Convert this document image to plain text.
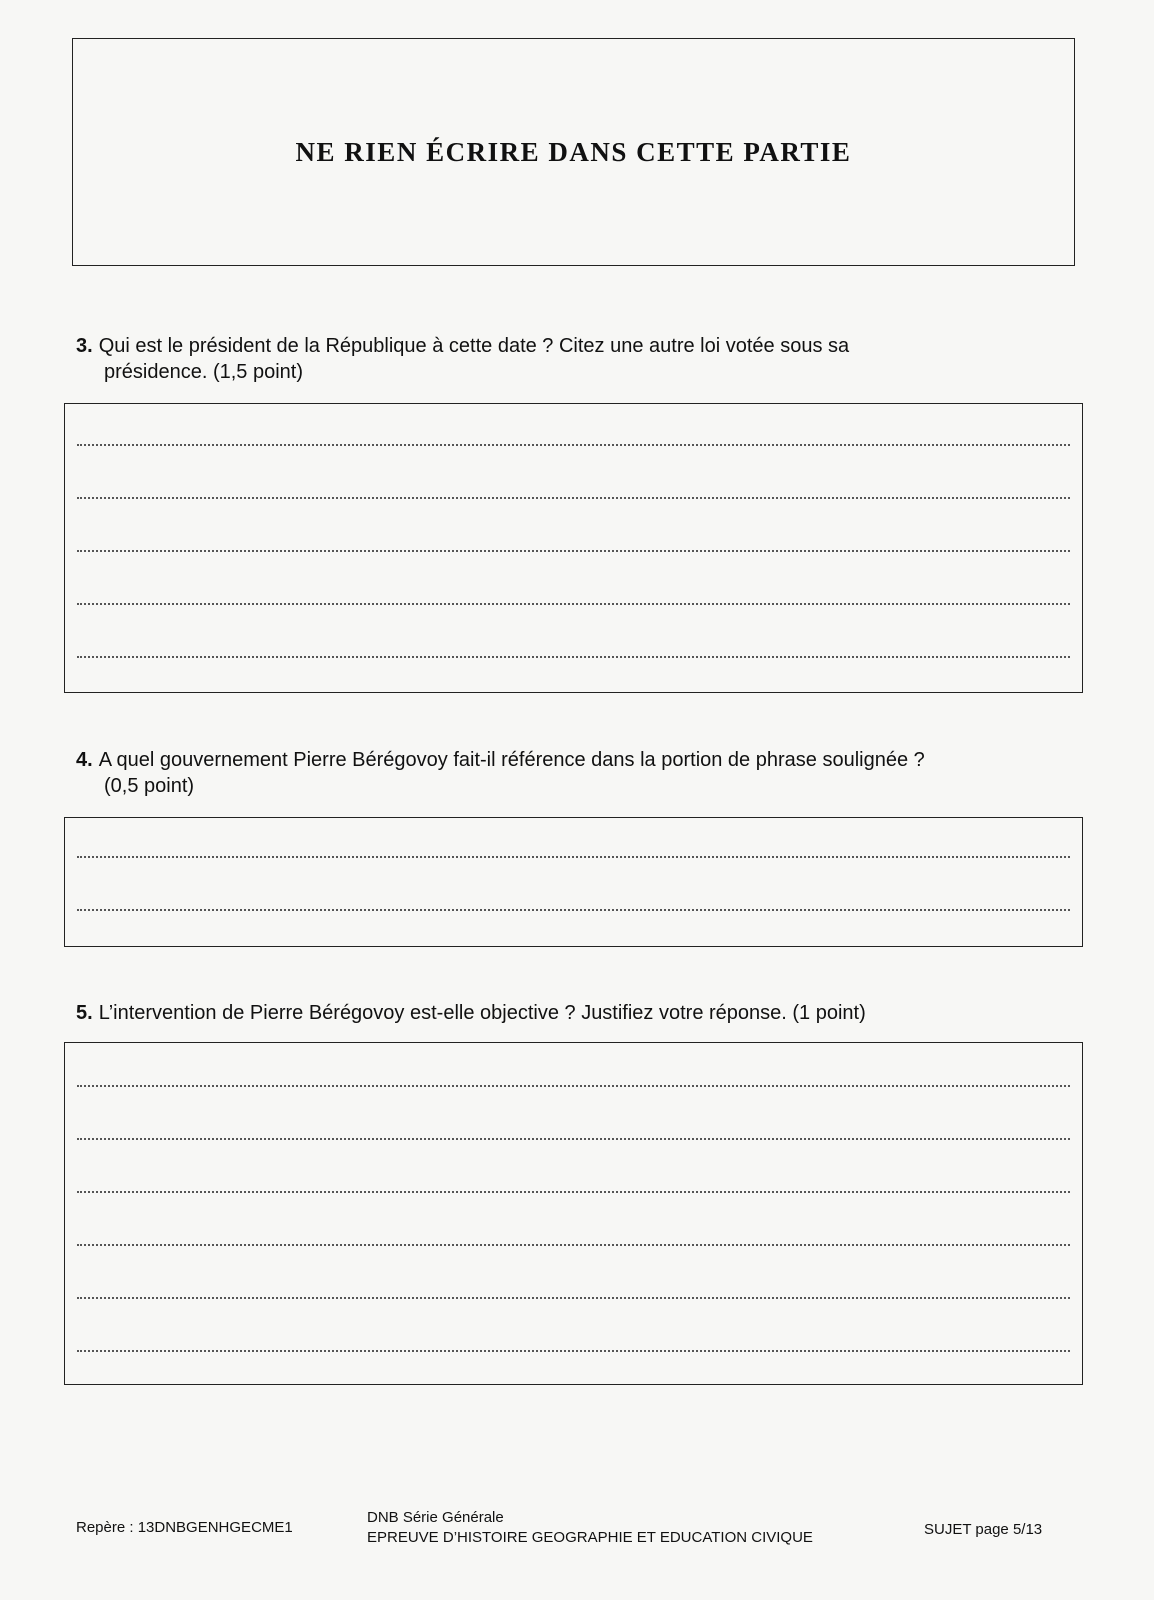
NE RIEN ÉCRIRE DANS CETTE PARTIE
3. Qui est le président de la République à cette date ? Citez une autre loi votée sous sa
présidence. (1,5 point)
4. A quel gouvernement Pierre Bérégovoy fait-il référence dans la portion de phrase soulignée ?
(0,5 point)
5. L’intervention de Pierre Bérégovoy est-elle objective ? Justifiez votre réponse. (1 point)
Repère : 13DNBGENHGECME1
DNB Série Générale
EPREUVE D’HISTOIRE GEOGRAPHIE ET EDUCATION CIVIQUE	SUJET page 5/13
